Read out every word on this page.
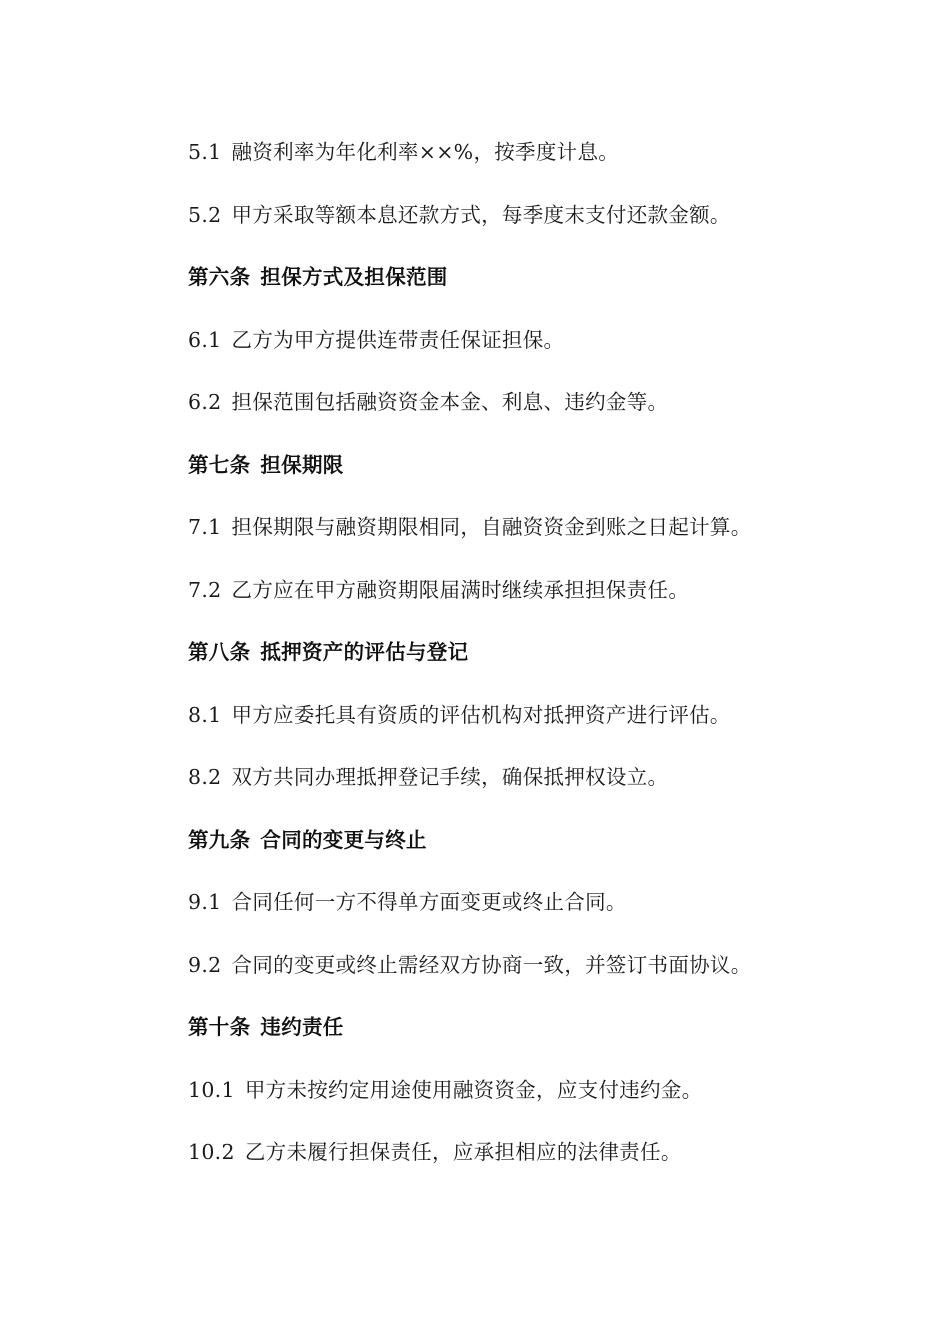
5.1 融资利率为年化利率××%，按季度计息。
5.2 甲方采取等额本息还款方式，每季度末支付还款金额。
第六条 担保方式及担保范围
6.1 乙方为甲方提供连带责任保证担保。
6.2 担保范围包括融资资金本金、利息、违约金等。
第七条 担保期限
7.1 担保期限与融资期限相同，自融资资金到账之日起计算。
7.2 乙方应在甲方融资期限届满时继续承担担保责任。
第八条 抵押资产的评估与登记
8.1 甲方应委托具有资质的评估机构对抵押资产进行评估。
8.2 双方共同办理抵押登记手续，确保抵押权设立。
第九条 合同的变更与终止
9.1 合同任何一方不得单方面变更或终止合同。
9.2 合同的变更或终止需经双方协商一致，并签订书面协议。
第十条 违约责任
10.1 甲方未按约定用途使用融资资金，应支付违约金。
10.2 乙方未履行担保责任，应承担相应的法律责任。
